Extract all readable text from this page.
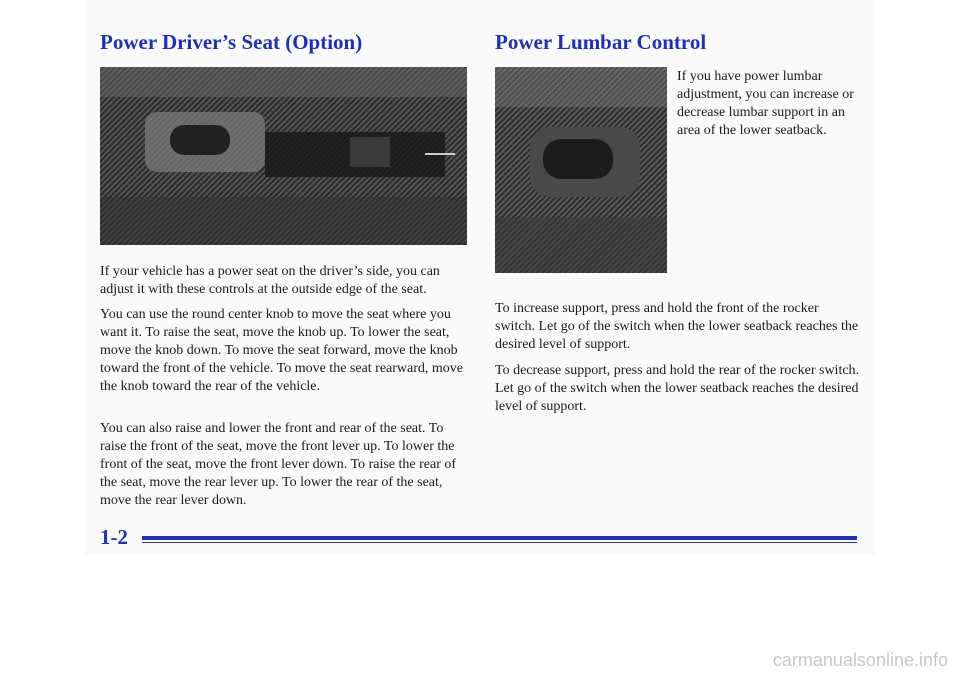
Power Driver’s Seat (Option)	Power Lumbar Control

If your vehicle has a power seat on the driver’s side, you can adjust it with these controls at the outside edge of the seat.

You can use the round center knob to move the seat where you want it. To raise the seat, move the knob up. To lower the seat, move the knob down. To move the seat forward, move the knob toward the front of the vehicle. To move the seat rearward, move the knob toward the rear of the vehicle.

You can also raise and lower the front and rear of the seat. To raise the front of the seat, move the front lever up. To lower the front of the seat, move the front lever down. To raise the rear of the seat, move the rear lever up. To lower the rear of the seat, move the rear lever down.

If you have power lumbar adjustment, you can increase or decrease lumbar support in an area of the lower seatback.

To increase support, press and hold the front of the rocker switch. Let go of the switch when the lower seatback reaches the desired level of support.

To decrease support, press and hold the rear of the rocker switch. Let go of the switch when the lower seatback reaches the desired level of support.

1-2

carmanualsonline.info
